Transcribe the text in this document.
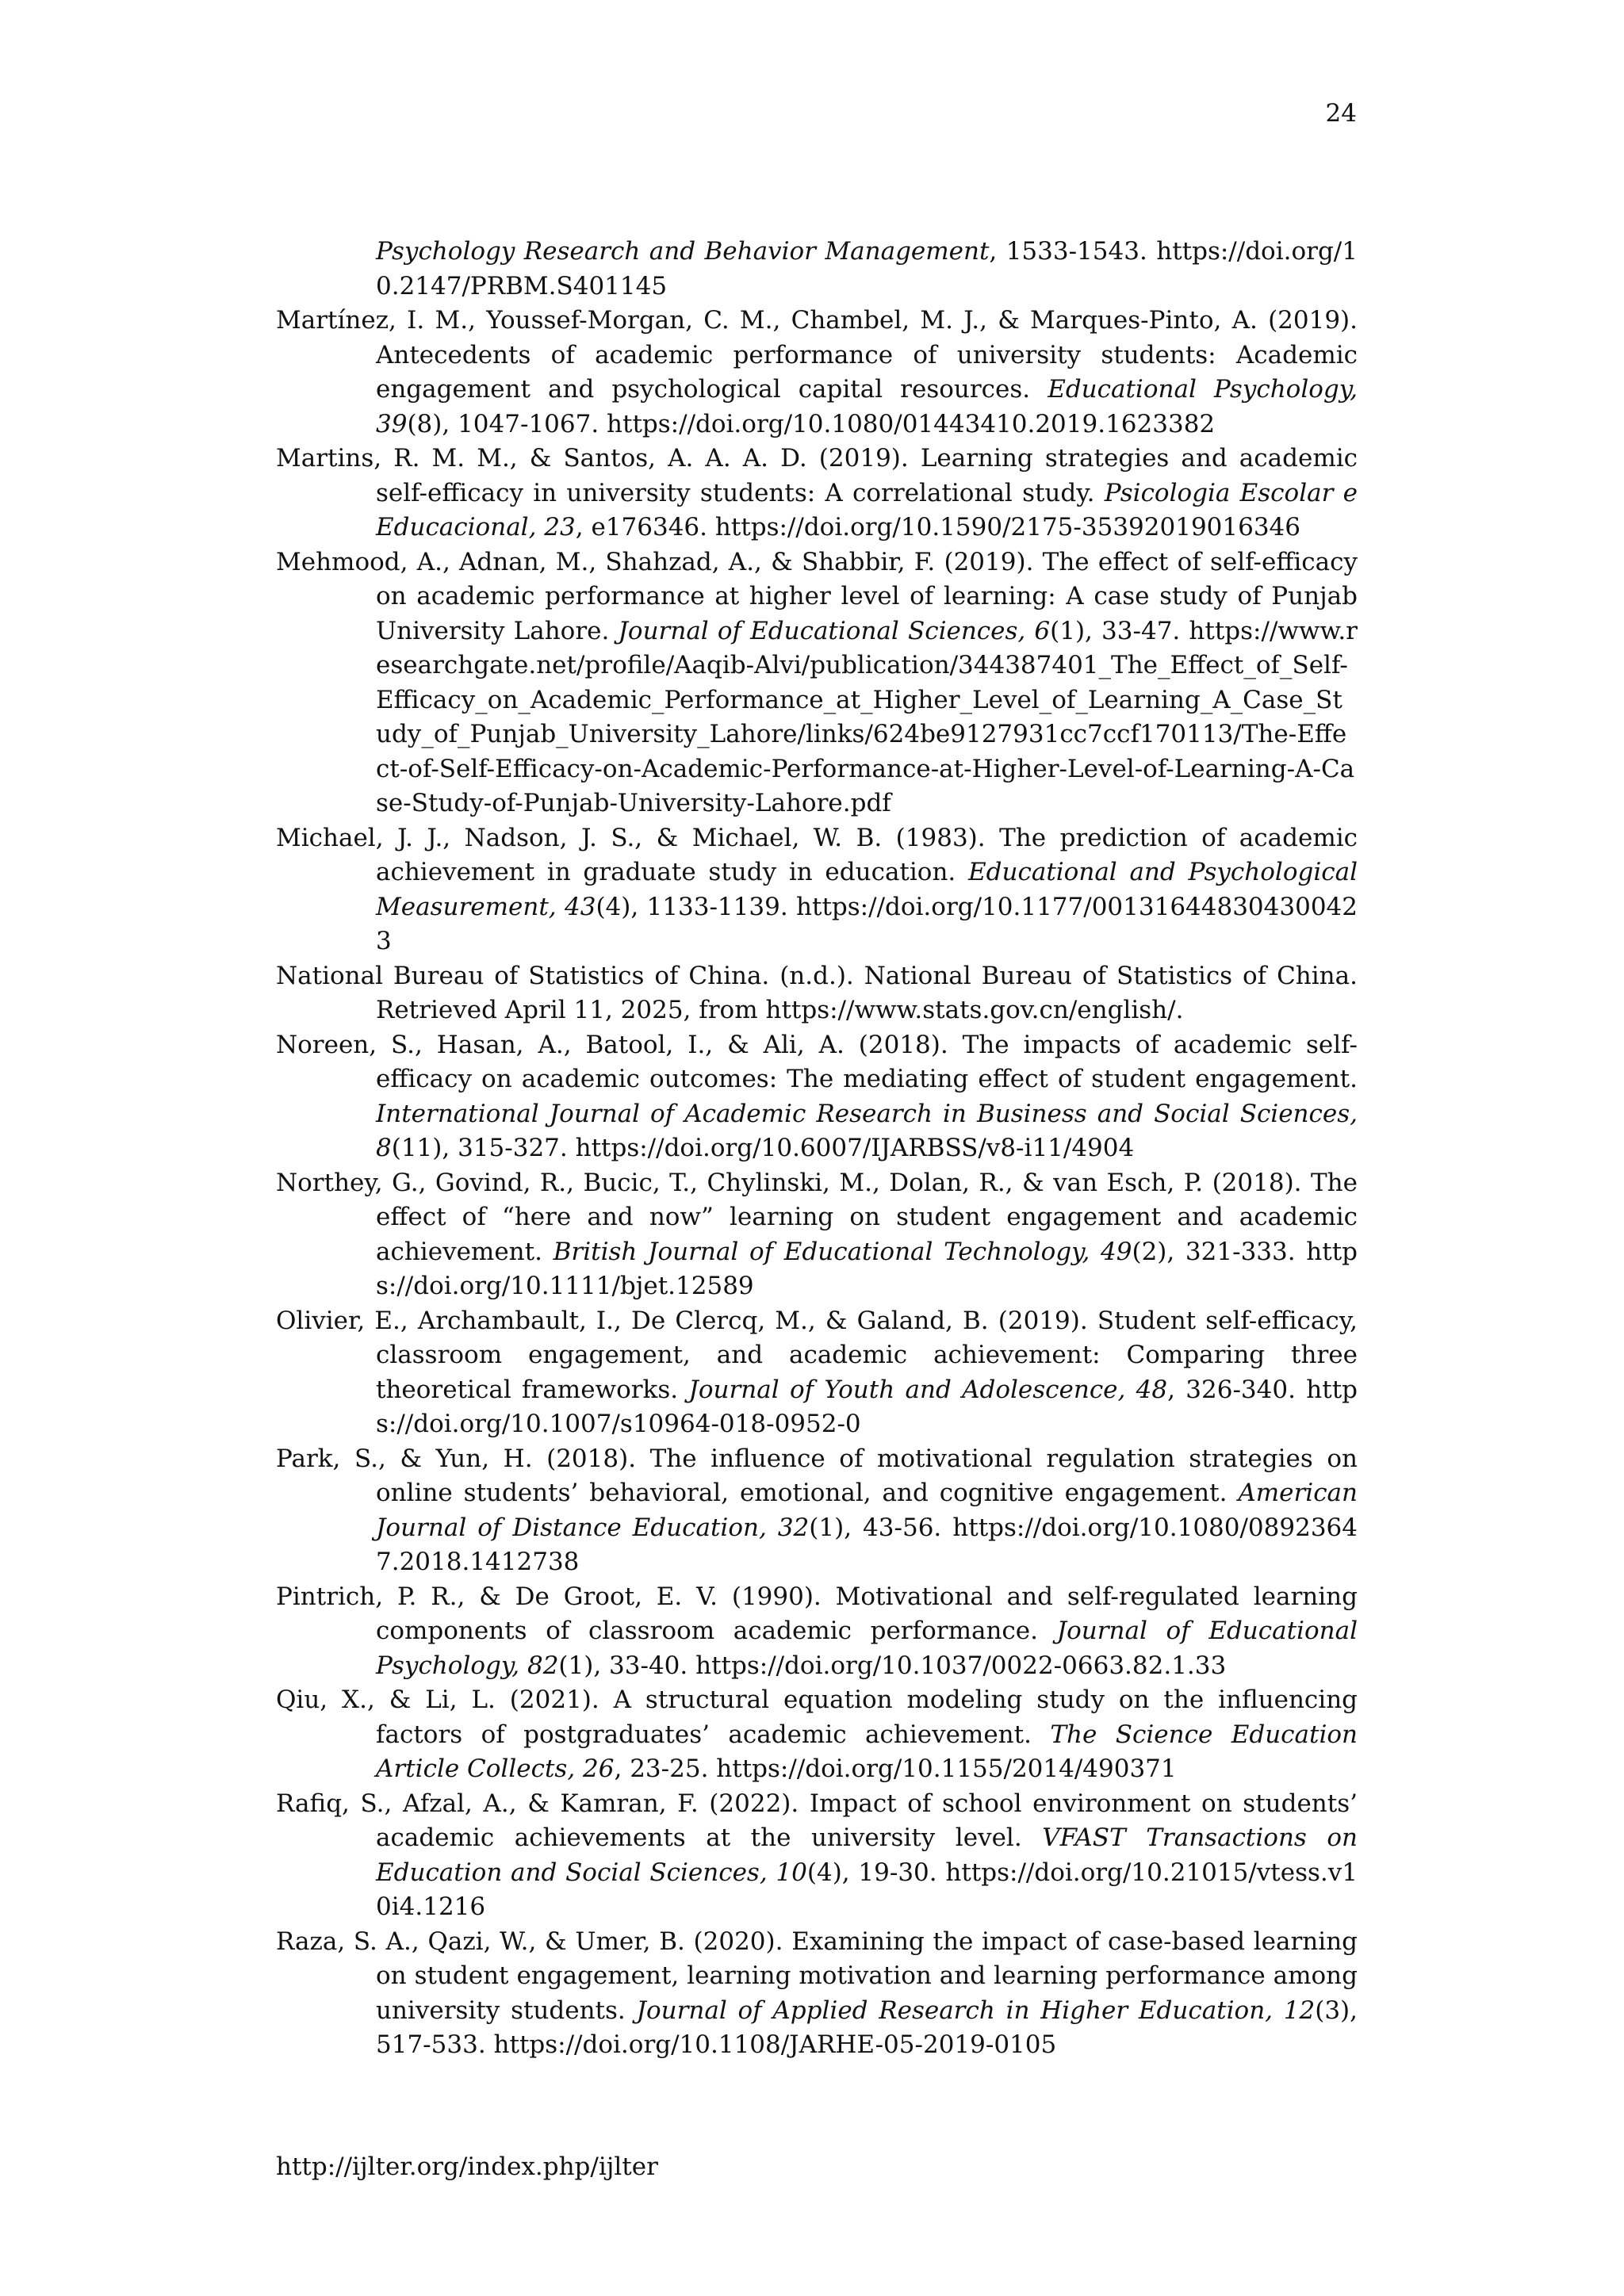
24

Psychology Research and Behavior Management, 1533-1543. https://doi.org/10.2147/PRBM.S401145

Martínez, I. M., Youssef-Morgan, C. M., Chambel, M. J., & Marques-Pinto, A. (2019). Antecedents of academic performance of university students: Academic engagement and psychological capital resources. Educational Psychology, 39(8), 1047-1067. https://doi.org/10.1080/01443410.2019.1623382

Martins, R. M. M., & Santos, A. A. A. D. (2019). Learning strategies and academic self-efficacy in university students: A correlational study. Psicologia Escolar e Educacional, 23, e176346. https://doi.org/10.1590/2175-35392019016346

Mehmood, A., Adnan, M., Shahzad, A., & Shabbir, F. (2019). The effect of self-efficacy on academic performance at higher level of learning: A case study of Punjab University Lahore. Journal of Educational Sciences, 6(1), 33-47. https://www.researchgate.net/profile/Aaqib-Alvi/publication/344387401_The_Effect_of_Self-Efficacy_on_Academic_Performance_at_Higher_Level_of_Learning_A_Case_Study_of_Punjab_University_Lahore/links/624be9127931cc7ccf170113/The-Effect-of-Self-Efficacy-on-Academic-Performance-at-Higher-Level-of-Learning-A-Case-Study-of-Punjab-University-Lahore.pdf

Michael, J. J., Nadson, J. S., & Michael, W. B. (1983). The prediction of academic achievement in graduate study in education. Educational and Psychological Measurement, 43(4), 1133-1139. https://doi.org/10.1177/001316448304300423

National Bureau of Statistics of China. (n.d.). National Bureau of Statistics of China. Retrieved April 11, 2025, from https://www.stats.gov.cn/english/.

Noreen, S., Hasan, A., Batool, I., & Ali, A. (2018). The impacts of academic self-efficacy on academic outcomes: The mediating effect of student engagement. International Journal of Academic Research in Business and Social Sciences, 8(11), 315-327. https://doi.org/10.6007/IJARBSS/v8-i11/4904

Northey, G., Govind, R., Bucic, T., Chylinski, M., Dolan, R., & van Esch, P. (2018). The effect of “here and now” learning on student engagement and academic achievement. British Journal of Educational Technology, 49(2), 321-333. https://doi.org/10.1111/bjet.12589

Olivier, E., Archambault, I., De Clercq, M., & Galand, B. (2019). Student self-efficacy, classroom engagement, and academic achievement: Comparing three theoretical frameworks. Journal of Youth and Adolescence, 48, 326-340. https://doi.org/10.1007/s10964-018-0952-0

Park, S., & Yun, H. (2018). The influence of motivational regulation strategies on online students’ behavioral, emotional, and cognitive engagement. American Journal of Distance Education, 32(1), 43-56. https://doi.org/10.1080/08923647.2018.1412738

Pintrich, P. R., & De Groot, E. V. (1990). Motivational and self-regulated learning components of classroom academic performance. Journal of Educational Psychology, 82(1), 33-40. https://doi.org/10.1037/0022-0663.82.1.33

Qiu, X., & Li, L. (2021). A structural equation modeling study on the influencing factors of postgraduates’ academic achievement. The Science Education Article Collects, 26, 23-25. https://doi.org/10.1155/2014/490371

Rafiq, S., Afzal, A., & Kamran, F. (2022). Impact of school environment on students’ academic achievements at the university level. VFAST Transactions on Education and Social Sciences, 10(4), 19-30. https://doi.org/10.21015/vtess.v10i4.1216

Raza, S. A., Qazi, W., & Umer, B. (2020). Examining the impact of case-based learning on student engagement, learning motivation and learning performance among university students. Journal of Applied Research in Higher Education, 12(3), 517-533. https://doi.org/10.1108/JARHE-05-2019-0105

http://ijlter.org/index.php/ijlter
